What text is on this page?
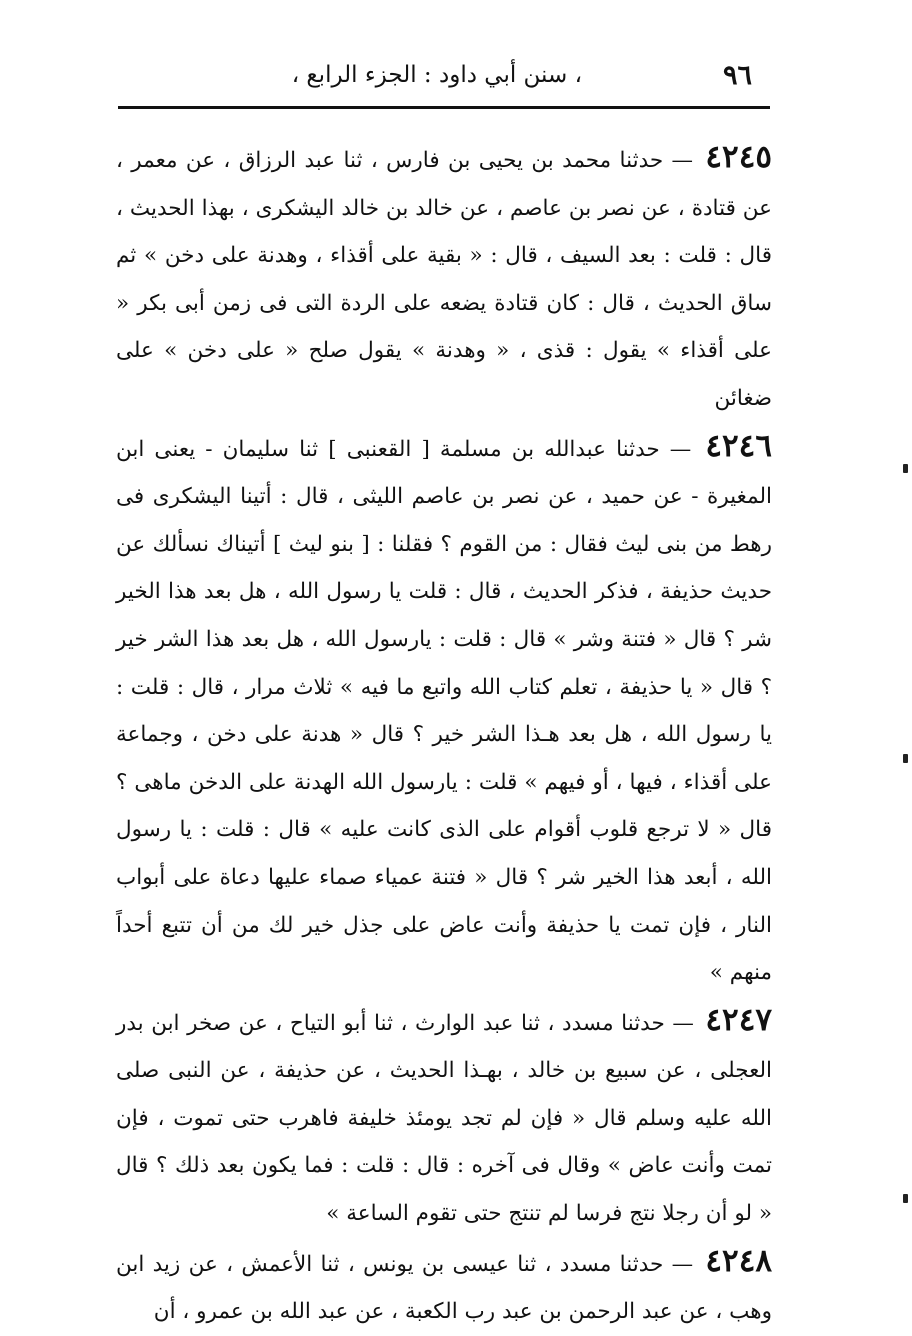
٩٦
، سنن أبي داود : الجزء الرابع ،

٤٢٤٥ — حدثنا محمد بن يحيى بن فارس ، ثنا عبد الرزاق ، عن معمر ، عن قتادة ، عن نصر بن عاصم ، عن خالد بن خالد اليشكرى ، بهذا الحديث ، قال : قلت : بعد السيف ، قال : « بقية على أقذاء ، وهدنة على دخن » ثم ساق الحديث ، قال : كان قتادة يضعه على الردة التى فى زمن أبى بكر « على أقذاء » يقول : قذى ، « وهدنة » يقول صلح « على دخن » على ضغائن

٤٢٤٦ — حدثنا عبدالله بن مسلمة [ القعنبى ] ثنا سليمان - يعنى ابن المغيرة - عن حميد ، عن نصر بن عاصم الليثى ، قال : أتينا اليشكرى فى رهط من بنى ليث فقال : من القوم ؟ فقلنا : [ بنو ليث ] أتيناك نسألك عن حديث حذيفة ، فذكر الحديث ، قال : قلت يا رسول الله ، هل بعد هذا الخير شر ؟ قال « فتنة وشر » قال : قلت : يارسول الله ، هل بعد هذا الشر خير ؟ قال « يا حذيفة ، تعلم كتاب الله واتبع ما فيه » ثلاث مرار ، قال : قلت : يا رسول الله ، هل بعد هـذا الشر خير ؟ قال « هدنة على دخن ، وجماعة على أقذاء ، فيها ، أو فيهم » قلت : يارسول الله الهدنة على الدخن ماهى ؟ قال « لا ترجع قلوب أقوام على الذى كانت عليه » قال : قلت : يا رسول الله ، أبعد هذا الخير شر ؟ قال « فتنة عمياء صماء عليها دعاة على أبواب النار ، فإن تمت يا حذيفة وأنت عاض على جذل خير لك من أن تتبع أحداً منهم »

٤٢٤٧ — حدثنا مسدد ، ثنا عبد الوارث ، ثنا أبو التياح ، عن صخر ابن بدر العجلى ، عن سبيع بن خالد ، بهـذا الحديث ، عن حذيفة ، عن النبى صلى الله عليه وسلم قال « فإن لم تجد يومئذ خليفة فاهرب حتى تموت ، فإن تمت وأنت عاض » وقال فى آخره : قال : قلت : فما يكون بعد ذلك ؟ قال « لو أن رجلا نتج فرسا لم تنتج حتى تقوم الساعة »

٤٢٤٨ — حدثنا مسدد ، ثنا عيسى بن يونس ، ثنا الأعمش ، عن زيد ابن وهب ، عن عبد الرحمن بن عبد رب الكعبة ، عن عبد الله بن عمرو ، أن
